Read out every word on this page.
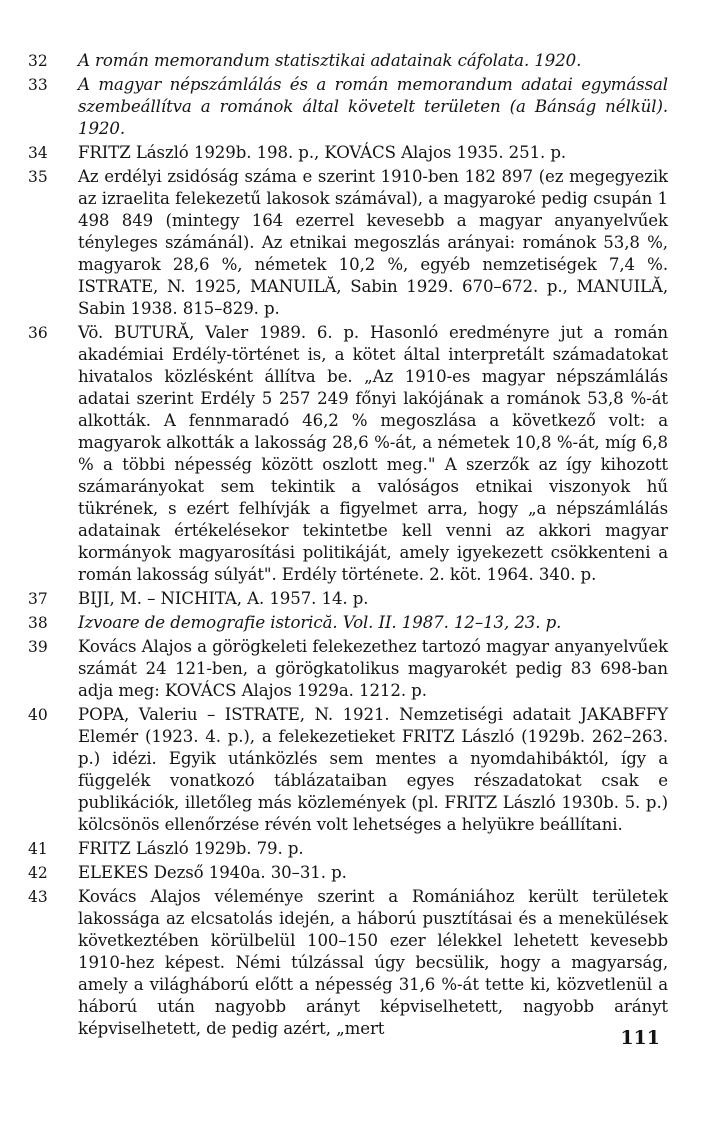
32	A román memorandum statisztikai adatainak cáfolata. 1920.
33	A magyar népszámlálás és a román memorandum adatai egymással szembeállítva a románok által követelt területen (a Bánság nélkül). 1920.
34	FRITZ László 1929b. 198. p., KOVÁCS Alajos 1935. 251. p.
35	Az erdélyi zsidóság száma e szerint 1910-ben 182 897 (ez megegyezik az izraelita felekezetű lakosok számával), a magyaroké pedig csupán 1 498 849 (mintegy 164 ezerrel kevesebb a magyar anyanyelvűek tényleges számánál). Az etnikai megoszlás arányai: románok 53,8 %, magyarok 28,6 %, németek 10,2 %, egyéb nemzetiségek 7,4 %. ISTRATE, N. 1925, MANUILĂ, Sabin 1929. 670–672. p., MANUILĂ, Sabin 1938. 815–829. p.
36	Vö. BUTURĂ, Valer 1989. 6. p. Hasonló eredményre jut a román akadémiai Erdély-történet is, a kötet által interpretált számadatokat hivatalos közlésként állítva be. „Az 1910-es magyar népszámlálás adatai szerint Erdély 5 257 249 főnyi lakójának a románok 53,8 %-át alkották. A fennmaradó 46,2 % megoszlása a következő volt: a magyarok alkották a lakosság 28,6 %-át, a németek 10,8 %-át, míg 6,8 % a többi népesség között oszlott meg." A szerzők az így kihozott számarányokat sem tekintik a valóságos etnikai viszonyok hű tükrének, s ezért felhívják a figyelmet arra, hogy „a népszámlálás adatainak értékelésekor tekintetbe kell venni az akkori magyar kormányok magyarosítási politikáját, amely igyekezett csökkenteni a román lakosság súlyát". Erdély története. 2. köt. 1964. 340. p.
37	BIJI, M. – NICHITA, A. 1957. 14. p.
38	Izvoare de demografie istorică. Vol. II. 1987. 12–13, 23. p.
39	Kovács Alajos a görögkeleti felekezethez tartozó magyar anyanyelvűek számát 24 121-ben, a görögkatolikus magyarokét pedig 83 698-ban adja meg: KOVÁCS Alajos 1929a. 1212. p.
40	POPA, Valeriu – ISTRATE, N. 1921. Nemzetiségi adatait JAKABFFY Elemér (1923. 4. p.), a felekezetieket FRITZ László (1929b. 262–263. p.) idézi. Egyik utánközlés sem mentes a nyomdahibáktól, így a függelék vonatkozó táblázataiban egyes részadatokat csak e publikációk, illetőleg más közlemények (pl. FRITZ László 1930b. 5. p.) kölcsönös ellenőrzése révén volt lehetséges a helyükre beállítani.
41	FRITZ László 1929b. 79. p.
42	ELEKES Dezső 1940a. 30–31. p.
43	Kovács Alajos véleménye szerint a Romániához került területek lakossága az elcsatolás idején, a háború pusztításai és a menekülések következtében körülbelül 100–150 ezer lélekkel lehetett kevesebb 1910-hez képest. Némi túlzással úgy becsülik, hogy a magyarság, amely a világháború előtt a népesség 31,6 %-át tette ki, közvetlenül a háború után nagyobb arányt képviselhetett, nagyobb arányt képviselhetett, de pedig azért, „mert	111
